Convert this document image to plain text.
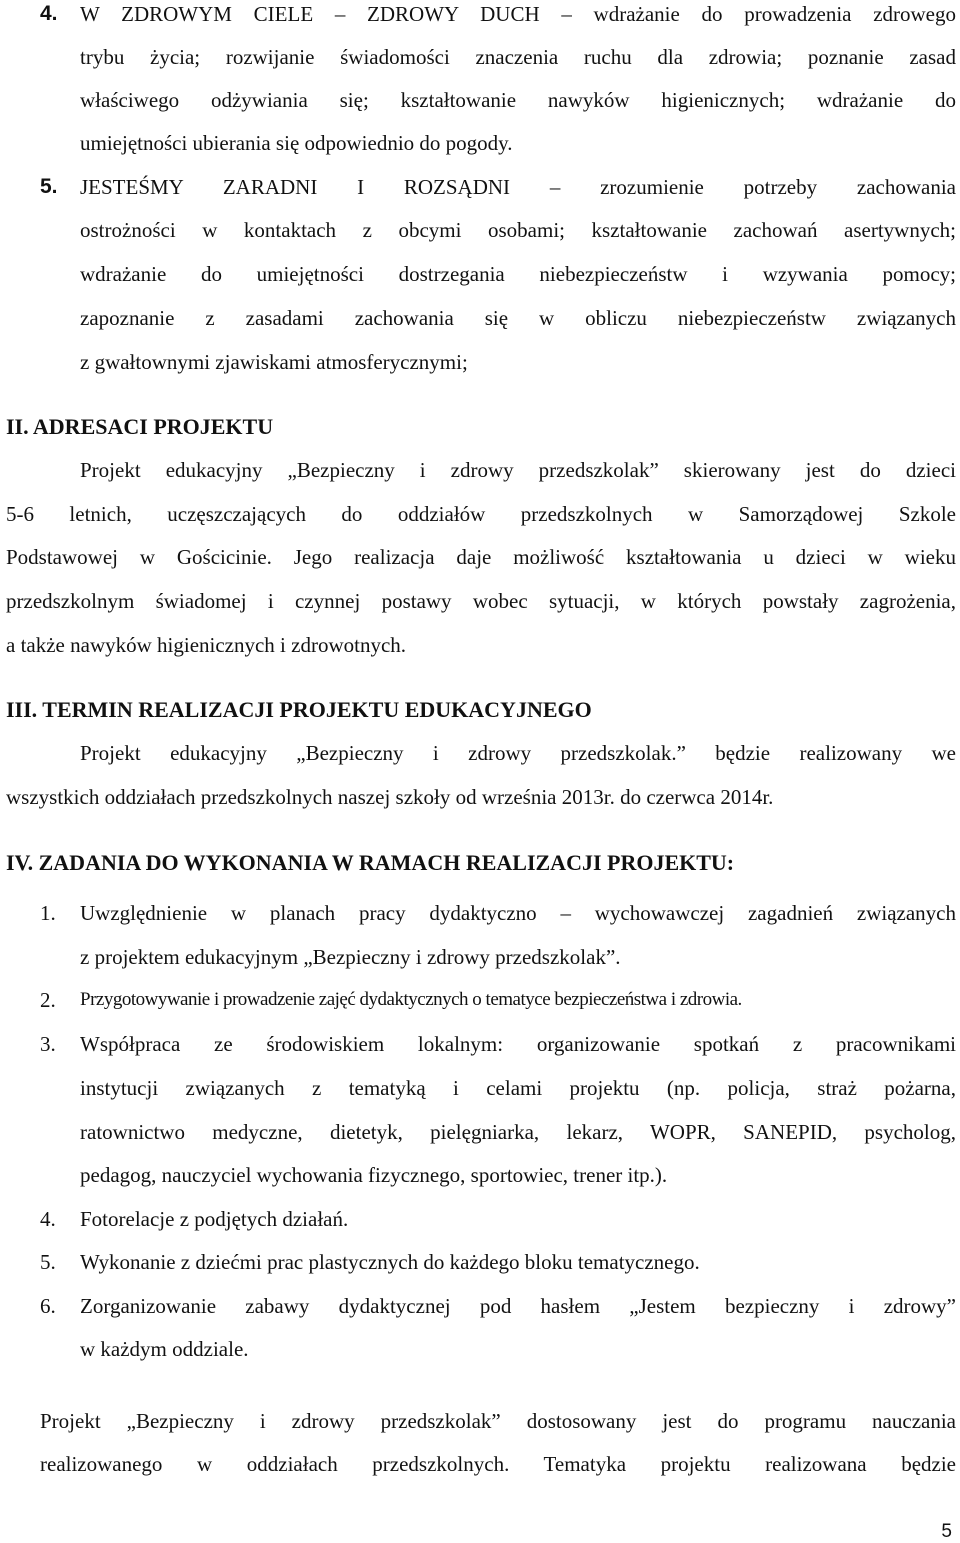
4. W ZDROWYM CIELE – ZDROWY DUCH – wdrażanie do prowadzenia zdrowego
trybu życia; rozwijanie świadomości znaczenia ruchu dla zdrowia; poznanie zasad
właściwego odżywiania się; kształtowanie nawyków higienicznych; wdrażanie do
umiejętności ubierania się odpowiednio do pogody.
5. JESTEŚMY ZARADNI I ROZSĄDNI – zrozumienie potrzeby zachowania
ostrożności w kontaktach z obcymi osobami; kształtowanie zachowań asertywnych;
wdrażanie do umiejętności dostrzegania niebezpieczeństw i wzywania pomocy;
zapoznanie z zasadami zachowania się w obliczu niebezpieczeństw związanych
z gwałtownymi zjawiskami atmosferycznymi;
II. ADRESACI PROJEKTU
Projekt edukacyjny „Bezpieczny i zdrowy przedszkolak” skierowany jest do dzieci
5-6 letnich, uczęszczających do oddziałów przedszkolnych w Samorządowej Szkole
Podstawowej w Gościcinie. Jego realizacja daje możliwość kształtowania u dzieci w wieku
przedszkolnym świadomej i czynnej postawy wobec sytuacji, w których powstały zagrożenia,
a także nawyków higienicznych i zdrowotnych.
III. TERMIN REALIZACJI PROJEKTU EDUKACYJNEGO
Projekt edukacyjny „Bezpieczny i zdrowy przedszkolak.” będzie realizowany we
wszystkich oddziałach przedszkolnych naszej szkoły od września 2013r. do czerwca 2014r.
IV. ZADANIA DO WYKONANIA W RAMACH REALIZACJI PROJEKTU:
1. Uwzględnienie w planach pracy dydaktyczno – wychowawczej zagadnień związanych
z projektem edukacyjnym „Bezpieczny i zdrowy przedszkolak”.
2. Przygotowywanie i prowadzenie zajęć dydaktycznych o tematyce bezpieczeństwa i zdrowia.
3. Współpraca ze środowiskiem lokalnym: organizowanie spotkań z pracownikami
instytucji związanych z tematyką i celami projektu (np. policja, straż pożarna,
ratownictwo medyczne, dietetyk, pielęgniarka, lekarz, WOPR, SANEPID, psycholog,
pedagog, nauczyciel wychowania fizycznego, sportowiec, trener itp.).
4. Fotorelacje z podjętych działań.
5. Wykonanie z dziećmi prac plastycznych do każdego bloku tematycznego.
6. Zorganizowanie zabawy dydaktycznej pod hasłem „Jestem bezpieczny i zdrowy”
w każdym oddziale.
Projekt „Bezpieczny i zdrowy przedszkolak” dostosowany jest do programu nauczania
realizowanego w oddziałach przedszkolnych. Tematyka projektu realizowana będzie
5
